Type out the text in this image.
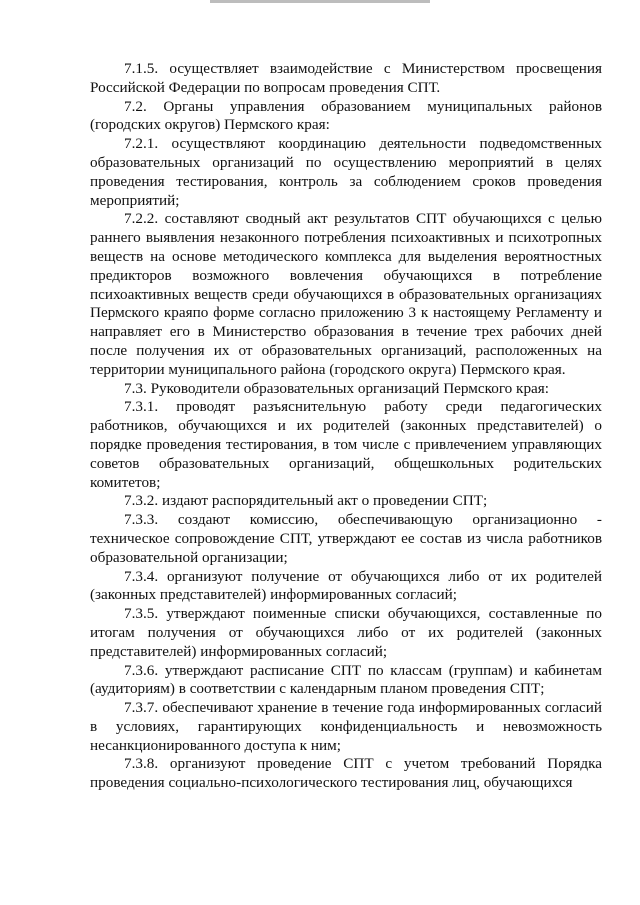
7.1.5. осуществляет взаимодействие с Министерством просвещения Российской Федерации по вопросам проведения СПТ.

7.2. Органы управления образованием муниципальных районов (городских округов) Пермского края:

7.2.1. осуществляют координацию деятельности подведомственных образовательных организаций по осуществлению мероприятий в целях проведения тестирования, контроль за соблюдением сроков проведения мероприятий;

7.2.2. составляют сводный акт результатов СПТ обучающихся с целью раннего выявления незаконного потребления психоактивных и психотропных веществ на основе методического комплекса для выделения вероятностных предикторов возможного вовлечения обучающихся в потребление психоактивных веществ среди обучающихся в образовательных организациях Пермского краяпо форме согласно приложению 3 к настоящему Регламенту и направляет его в Министерство образования в течение трех рабочих дней после получения их от образовательных организаций, расположенных на территории муниципального района (городского округа) Пермского края.

7.3. Руководители образовательных организаций Пермского края:

7.3.1. проводят разъяснительную работу среди педагогических работников, обучающихся и их родителей (законных представителей) о порядке проведения тестирования, в том числе с привлечением управляющих советов образовательных организаций, общешкольных родительских комитетов;

7.3.2. издают распорядительный акт о проведении СПТ;

7.3.3. создают комиссию, обеспечивающую организационно - техническое сопровождение СПТ, утверждают ее состав из числа работников образовательной организации;

7.3.4. организуют получение от обучающихся либо от их родителей (законных представителей) информированных согласий;

7.3.5. утверждают поименные списки обучающихся, составленные по итогам получения от обучающихся либо от их родителей (законных представителей) информированных согласий;

7.3.6. утверждают расписание СПТ по классам (группам) и кабинетам (аудиториям) в соответствии с календарным планом проведения СПТ;

7.3.7. обеспечивают хранение в течение года информированных согласий в условиях, гарантирующих конфиденциальность и невозможность несанкционированного доступа к ним;

7.3.8. организуют проведение СПТ с учетом требований Порядка проведения социально-психологического тестирования лиц, обучающихся
